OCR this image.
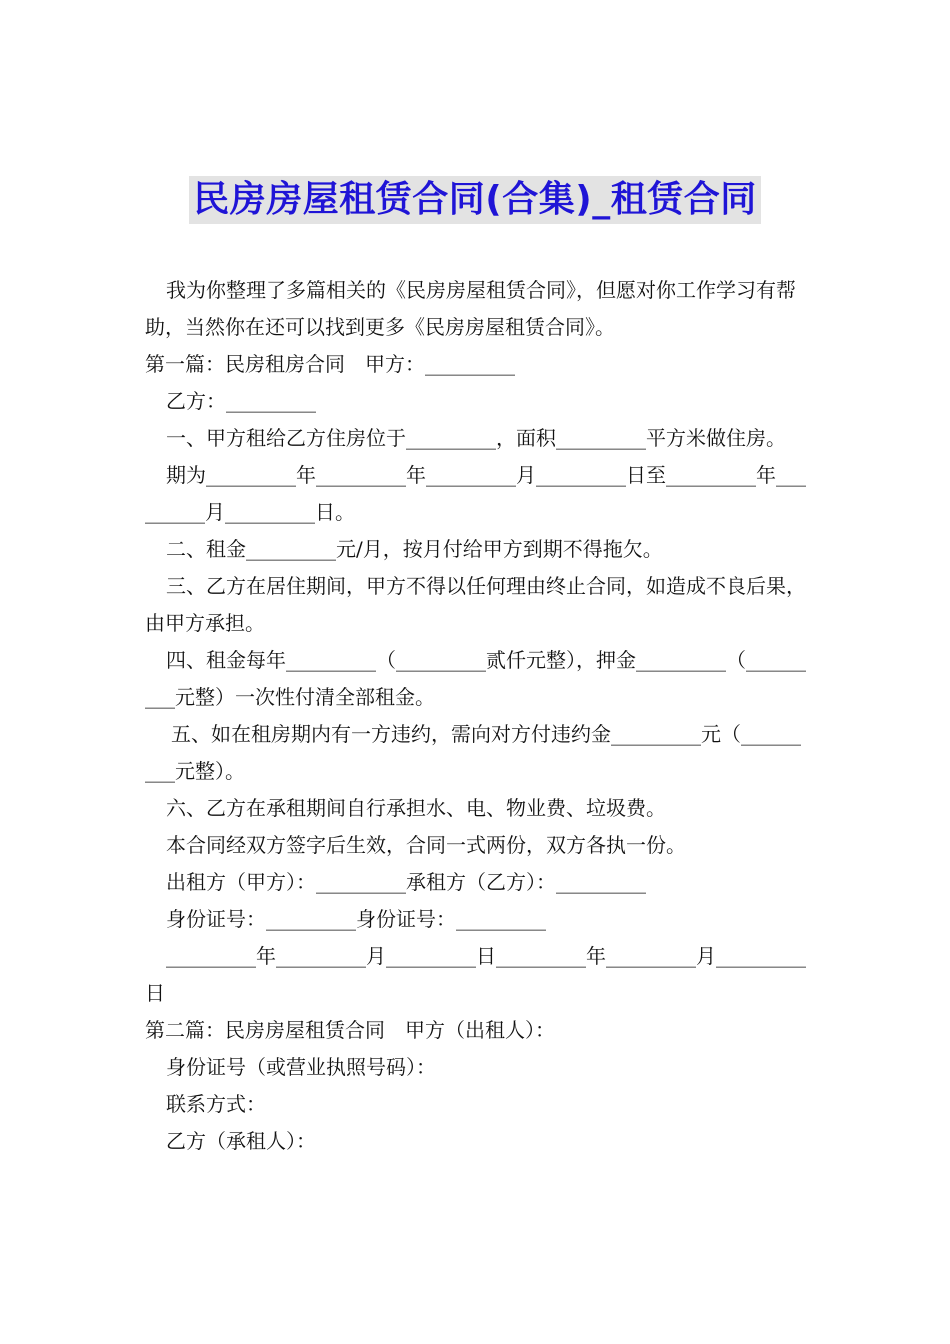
民房房屋租赁合同(合集)_租赁合同

我为你整理了多篇相关的《民房房屋租赁合同》，但愿对你工作学习有帮助，当然你在还可以找到更多《民房房屋租赁合同》。

第一篇：民房租房合同　甲方：_________

乙方：_________

一、甲方租给乙方住房位于_________，面积_________平方米做住房。

期为_________年_________年_________月_________日至_________年_________月_________日。

二、租金_________元/月，按月付给甲方到期不得拖欠。

三、乙方在居住期间，甲方不得以任何理由终止合同，如造成不良后果，由甲方承担。

四、租金每年_________（_________贰仟元整），押金_________（_________元整）一次性付清全部租金。

五、如在租房期内有一方违约，需向对方付违约金_________元（_________元整）。

六、乙方在承租期间自行承担水、电、物业费、垃圾费。

本合同经双方签字后生效，合同一式两份，双方各执一份。

出租方（甲方）：_________承租方（乙方）：_________

身份证号：_________身份证号：_________

_________年_________月_________日_________年_________月_________日

第二篇：民房房屋租赁合同　甲方（出租人）：

身份证号（或营业执照号码）：

联系方式：

乙方（承租人）：
